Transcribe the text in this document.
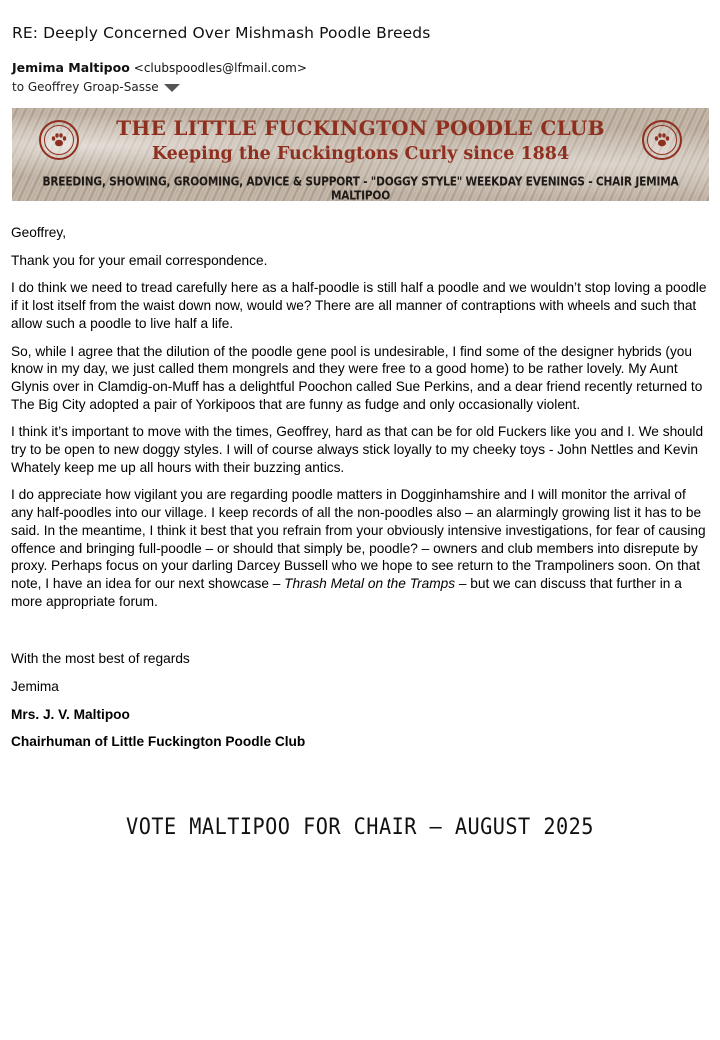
RE: Deeply Concerned Over Mishmash Poodle Breeds
Jemima Maltipoo <clubspoodles@lfmail.com>
to Geoffrey Groap-Sasse
THE LITTLE FUCKINGTON POODLE CLUB
Keeping the Fuckingtons Curly since 1884
BREEDING, SHOWING, GROOMING, ADVICE & SUPPORT - "DOGGY STYLE" WEEKDAY EVENINGS - CHAIR JEMIMA MALTIPOO

Geoffrey,

Thank you for your email correspondence.

I do think we need to tread carefully here as a half-poodle is still half a poodle and we wouldn’t stop loving a poodle if it lost itself from the waist down now, would we? There are all manner of contraptions with wheels and such that allow such a poodle to live half a life.

So, while I agree that the dilution of the poodle gene pool is undesirable, I find some of the designer hybrids (you know in my day, we just called them mongrels and they were free to a good home) to be rather lovely. My Aunt Glynis over in Clamdig-on-Muff has a delightful Poochon called Sue Perkins, and a dear friend recently returned to The Big City adopted a pair of Yorkipoos that are funny as fudge and only occasionally violent.

I think it’s important to move with the times, Geoffrey, hard as that can be for old Fuckers like you and I. We should try to be open to new doggy styles. I will of course always stick loyally to my cheeky toys - John Nettles and Kevin Whately keep me up all hours with their buzzing antics.

I do appreciate how vigilant you are regarding poodle matters in Dogginhamshire and I will monitor the arrival of any half-poodles into our village. I keep records of all the non-poodles also – an alarmingly growing list it has to be said. In the meantime, I think it best that you refrain from your obviously intensive investigations, for fear of causing offence and bringing full-poodle – or should that simply be, poodle? – owners and club members into disrepute by proxy. Perhaps focus on your darling Darcey Bussell who we hope to see return to the Trampoliners soon. On that note, I have an idea for our next showcase – Thrash Metal on the Tramps – but we can discuss that further in a more appropriate forum.

With the most best of regards

Jemima

Mrs. J. V. Maltipoo

Chairhuman of Little Fuckington Poodle Club

VOTE MALTIPOO FOR CHAIR – AUGUST 2025
